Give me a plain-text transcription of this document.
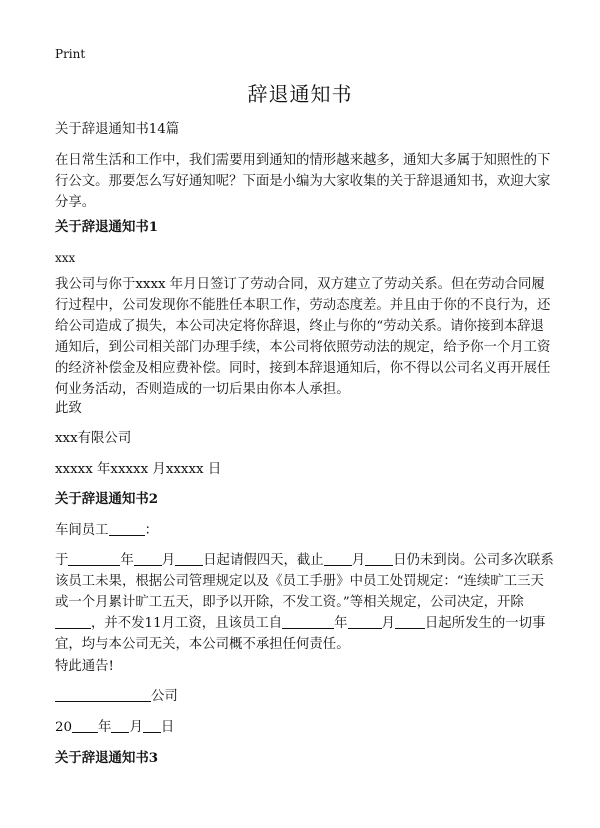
Print
辞退通知书
关于辞退通知书14篇
在日常生活和工作中，我们需要用到通知的情形越来越多，通知大多属于知照性的下行公文。那要怎么写好通知呢？下面是小编为大家收集的关于辞退通知书，欢迎大家分享。
关于辞退通知书1
xxx
我公司与你于xxxx 年月日签订了劳动合同，双方建立了劳动关系。但在劳动合同履行过程中，公司发现你不能胜任本职工作，劳动态度差。并且由于你的不良行为，还给公司造成了损失，本公司决定将你辞退，终止与你的“劳动关系。请你接到本辞退通知后，到公司相关部门办理手续，本公司将依照劳动法的规定，给予你一个月工资的经济补偿金及相应费补偿。同时，接到本辞退通知后，你不得以公司名义再开展任何业务活动，否则造成的一切后果由你本人承担。
此致
xxx有限公司
xxxxx 年xxxxx 月xxxxx 日
关于辞退通知书2
车间员工	：
于	年 月 日起请假四天，截止 月 日仍未到岗。公司多次联系该员工未果，根据公司管理规定以及《员工手册》中员工处罚规定：“连续旷工三天或一个月累计旷工五天，即予以开除，不发工资。”等相关规定，公司决定，开除，并不发11月工资，且该员工自	年	月 日起所发生的一切事宜，均与本公司无关，本公司概不承担任何责任。
特此通告!
公司
20 年 月 日
关于辞退通知书3
